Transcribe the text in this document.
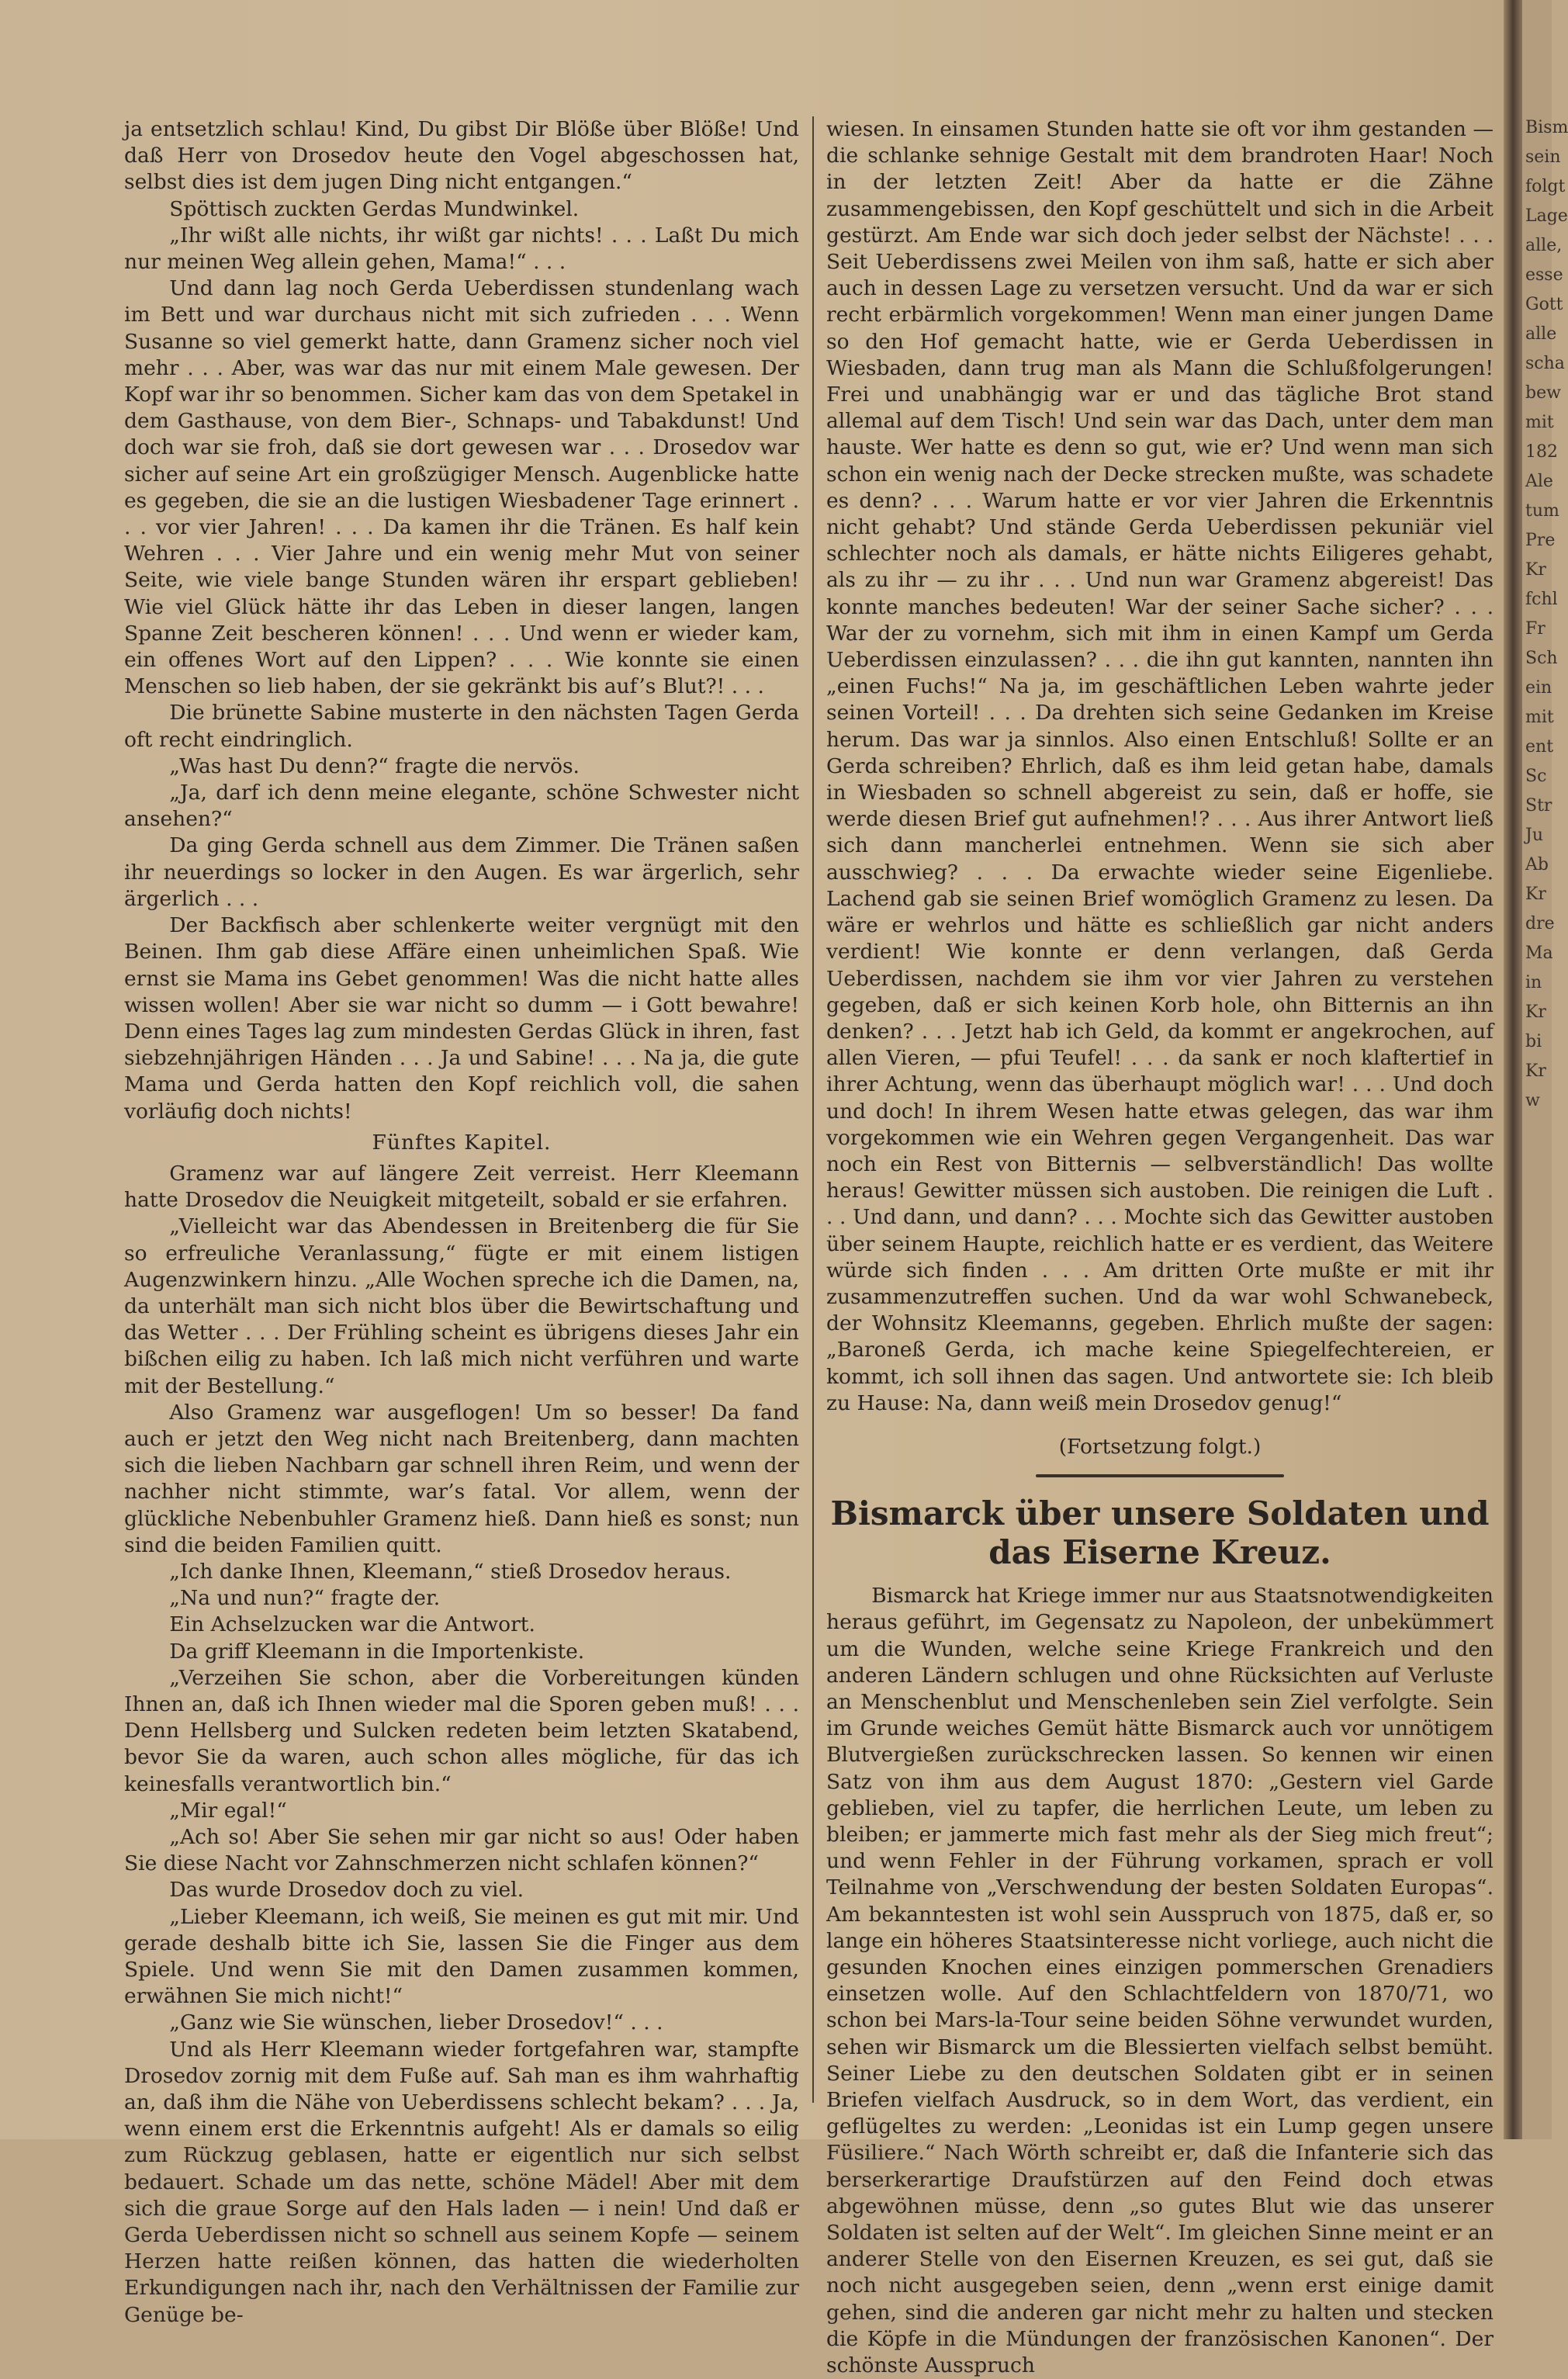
ja entsetzlich schlau! Kind, Du gibst Dir Blöße über Blöße! Und daß Herr von Drosedov heute den Vogel abgeschossen hat, selbst dies ist dem jugen Ding nicht entgangen.“

Spöttisch zuckten Gerdas Mundwinkel.

„Ihr wißt alle nichts, ihr wißt gar nichts! . . . Laßt Du mich nur meinen Weg allein gehen, Mama!“ . . .

Und dann lag noch Gerda Ueberdissen stundenlang wach im Bett und war durchaus nicht mit sich zufrieden . . . Wenn Susanne so viel gemerkt hatte, dann Gramenz sicher noch viel mehr . . . Aber, was war das nur mit einem Male gewesen. Der Kopf war ihr so benommen. Sicher kam das von dem Spetakel in dem Gasthause, von dem Bier-, Schnaps- und Tabakdunst! Und doch war sie froh, daß sie dort gewesen war . . . Drosedov war sicher auf seine Art ein großzügiger Mensch. Augenblicke hatte es gegeben, die sie an die lustigen Wiesbadener Tage erinnert . . . vor vier Jahren! . . . Da kamen ihr die Tränen. Es half kein Wehren . . . Vier Jahre und ein wenig mehr Mut von seiner Seite, wie viele bange Stunden wären ihr erspart geblieben! Wie viel Glück hätte ihr das Leben in dieser langen, langen Spanne Zeit bescheren können! . . . Und wenn er wieder kam, ein offenes Wort auf den Lippen? . . . Wie konnte sie einen Menschen so lieb haben, der sie gekränkt bis auf’s Blut?! . . .

Die brünette Sabine musterte in den nächsten Tagen Gerda oft recht eindringlich.

„Was hast Du denn?“ fragte die nervös.

„Ja, darf ich denn meine elegante, schöne Schwester nicht ansehen?“

Da ging Gerda schnell aus dem Zimmer. Die Tränen saßen ihr neuerdings so locker in den Augen. Es war ärgerlich, sehr ärgerlich . . .

Der Backfisch aber schlenkerte weiter vergnügt mit den Beinen. Ihm gab diese Affäre einen unheimlichen Spaß. Wie ernst sie Mama ins Gebet genommen! Was die nicht hatte alles wissen wollen! Aber sie war nicht so dumm — i Gott bewahre! Denn eines Tages lag zum mindesten Gerdas Glück in ihren, fast siebzehnjährigen Händen . . . Ja und Sabine! . . . Na ja, die gute Mama und Gerda hatten den Kopf reichlich voll, die sahen vorläufig doch nichts!

Fünftes Kapitel.

Gramenz war auf längere Zeit verreist. Herr Kleemann hatte Drosedov die Neuigkeit mitgeteilt, sobald er sie erfahren.

„Vielleicht war das Abendessen in Breitenberg die für Sie so erfreuliche Veranlassung,“ fügte er mit einem listigen Augenzwinkern hinzu. „Alle Wochen spreche ich die Damen, na, da unterhält man sich nicht blos über die Bewirtschaftung und das Wetter . . . Der Frühling scheint es übrigens dieses Jahr ein bißchen eilig zu haben. Ich laß mich nicht verführen und warte mit der Bestellung.“

Also Gramenz war ausgeflogen! Um so besser! Da fand auch er jetzt den Weg nicht nach Breitenberg, dann machten sich die lieben Nachbarn gar schnell ihren Reim, und wenn der nachher nicht stimmte, war’s fatal. Vor allem, wenn der glückliche Nebenbuhler Gramenz hieß. Dann hieß es sonst; nun sind die beiden Familien quitt.

„Ich danke Ihnen, Kleemann,“ stieß Drosedov heraus.

„Na und nun?“ fragte der.

Ein Achselzucken war die Antwort.

Da griff Kleemann in die Importenkiste.

„Verzeihen Sie schon, aber die Vorbereitungen künden Ihnen an, daß ich Ihnen wieder mal die Sporen geben muß! . . . Denn Hellsberg und Sulcken redeten beim letzten Skatabend, bevor Sie da waren, auch schon alles mögliche, für das ich keinesfalls verantwortlich bin.“

„Mir egal!“

„Ach so! Aber Sie sehen mir gar nicht so aus! Oder haben Sie diese Nacht vor Zahnschmerzen nicht schlafen können?“

Das wurde Drosedov doch zu viel.

„Lieber Kleemann, ich weiß, Sie meinen es gut mit mir. Und gerade deshalb bitte ich Sie, lassen Sie die Finger aus dem Spiele. Und wenn Sie mit den Damen zusammen kommen, erwähnen Sie mich nicht!“

„Ganz wie Sie wünschen, lieber Drosedov!“ . . .

Und als Herr Kleemann wieder fortgefahren war, stampfte Drosedov zornig mit dem Fuße auf. Sah man es ihm wahrhaftig an, daß ihm die Nähe von Ueberdissens schlecht bekam? . . . Ja, wenn einem erst die Erkenntnis aufgeht! Als er damals so eilig zum Rückzug geblasen, hatte er eigentlich nur sich selbst bedauert. Schade um das nette, schöne Mädel! Aber mit dem sich die graue Sorge auf den Hals laden — i nein! Und daß er Gerda Ueberdissen nicht so schnell aus seinem Kopfe — seinem Herzen hatte reißen können, das hatten die wiederholten Erkundigungen nach ihr, nach den Verhältnissen der Familie zur Genüge be-

wiesen. In einsamen Stunden hatte sie oft vor ihm gestanden — die schlanke sehnige Gestalt mit dem brandroten Haar! Noch in der letzten Zeit! Aber da hatte er die Zähne zusammengebissen, den Kopf geschüttelt und sich in die Arbeit gestürzt. Am Ende war sich doch jeder selbst der Nächste! . . . Seit Ueberdissens zwei Meilen von ihm saß, hatte er sich aber auch in dessen Lage zu versetzen versucht. Und da war er sich recht erbärmlich vorgekommen! Wenn man einer jungen Dame so den Hof gemacht hatte, wie er Gerda Ueberdissen in Wiesbaden, dann trug man als Mann die Schlußfolgerungen! Frei und unabhängig war er und das tägliche Brot stand allemal auf dem Tisch! Und sein war das Dach, unter dem man hauste. Wer hatte es denn so gut, wie er? Und wenn man sich schon ein wenig nach der Decke strecken mußte, was schadete es denn? . . . Warum hatte er vor vier Jahren die Erkenntnis nicht gehabt? Und stände Gerda Ueberdissen pekuniär viel schlechter noch als damals, er hätte nichts Eiligeres gehabt, als zu ihr — zu ihr . . . Und nun war Gramenz abgereist! Das konnte manches bedeuten! War der seiner Sache sicher? . . . War der zu vornehm, sich mit ihm in einen Kampf um Gerda Ueberdissen einzulassen? . . . die ihn gut kannten, nannten ihn „einen Fuchs!“ Na ja, im geschäftlichen Leben wahrte jeder seinen Vorteil! . . . Da drehten sich seine Gedanken im Kreise herum. Das war ja sinnlos. Also einen Entschluß! Sollte er an Gerda schreiben? Ehrlich, daß es ihm leid getan habe, damals in Wiesbaden so schnell abgereist zu sein, daß er hoffe, sie werde diesen Brief gut aufnehmen!? . . . Aus ihrer Antwort ließ sich dann mancherlei entnehmen. Wenn sie sich aber ausschwieg? . . . Da erwachte wieder seine Eigenliebe. Lachend gab sie seinen Brief womöglich Gramenz zu lesen. Da wäre er wehrlos und hätte es schließlich gar nicht anders verdient! Wie konnte er denn verlangen, daß Gerda Ueberdissen, nachdem sie ihm vor vier Jahren zu verstehen gegeben, daß er sich keinen Korb hole, ohn Bitternis an ihn denken? . . . Jetzt hab ich Geld, da kommt er angekrochen, auf allen Vieren, — pfui Teufel! . . . da sank er noch klaftertief in ihrer Achtung, wenn das überhaupt möglich war! . . . Und doch und doch! In ihrem Wesen hatte etwas gelegen, das war ihm vorgekommen wie ein Wehren gegen Vergangenheit. Das war noch ein Rest von Bitternis — selbverständlich! Das wollte heraus! Gewitter müssen sich austoben. Die reinigen die Luft . . . Und dann, und dann? . . . Mochte sich das Gewitter austoben über seinem Haupte, reichlich hatte er es verdient, das Weitere würde sich finden . . . Am dritten Orte mußte er mit ihr zusammenzutreffen suchen. Und da war wohl Schwanebeck, der Wohnsitz Kleemanns, gegeben. Ehrlich mußte der sagen: „Baroneß Gerda, ich mache keine Spiegelfechtereien, er kommt, ich soll ihnen das sagen. Und antwortete sie: Ich bleib zu Hause: Na, dann weiß mein Drosedov genug!“

(Fortsetzung folgt.)

Bismarck über unsere Soldaten und das Eiserne Kreuz.

Bismarck hat Kriege immer nur aus Staatsnotwendigkeiten heraus geführt, im Gegensatz zu Napoleon, der unbekümmert um die Wunden, welche seine Kriege Frankreich und den anderen Ländern schlugen und ohne Rücksichten auf Verluste an Menschenblut und Menschenleben sein Ziel verfolgte. Sein im Grunde weiches Gemüt hätte Bismarck auch vor unnötigem Blutvergießen zurückschrecken lassen. So kennen wir einen Satz von ihm aus dem August 1870: „Gestern viel Garde geblieben, viel zu tapfer, die herrlichen Leute, um leben zu bleiben; er jammerte mich fast mehr als der Sieg mich freut“; und wenn Fehler in der Führung vorkamen, sprach er voll Teilnahme von „Verschwendung der besten Soldaten Europas“. Am bekanntesten ist wohl sein Ausspruch von 1875, daß er, so lange ein höheres Staatsinteresse nicht vorliege, auch nicht die gesunden Knochen eines einzigen pommerschen Grenadiers einsetzen wolle. Auf den Schlachtfeldern von 1870/71, wo schon bei Mars-la-Tour seine beiden Söhne verwundet wurden, sehen wir Bismarck um die Blessierten vielfach selbst bemüht. Seiner Liebe zu den deutschen Soldaten gibt er in seinen Briefen vielfach Ausdruck, so in dem Wort, das verdient, ein geflügeltes zu werden: „Leonidas ist ein Lump gegen unsere Füsiliere.“ Nach Wörth schreibt er, daß die Infanterie sich das berserkerartige Draufstürzen auf den Feind doch etwas abgewöhnen müsse, denn „so gutes Blut wie das unserer Soldaten ist selten auf der Welt“. Im gleichen Sinne meint er an anderer Stelle von den Eisernen Kreuzen, es sei gut, daß sie noch nicht ausgegeben seien, denn „wenn erst einige damit gehen, sind die anderen gar nicht mehr zu halten und stecken die Köpfe in die Mündungen der französischen Kanonen“. Der schönste Ausspruch

Bism
sein
folgt
Lage
alle,
esse
Gott
alle
scha
bew
mit
182
Ale
tum
Pre
Kr
fchl
Fr
Sch
ein
mit
ent
Sc
Str
Ju
Ab
Kr
dre
Ma
in
Kr
bi
Kr
w
